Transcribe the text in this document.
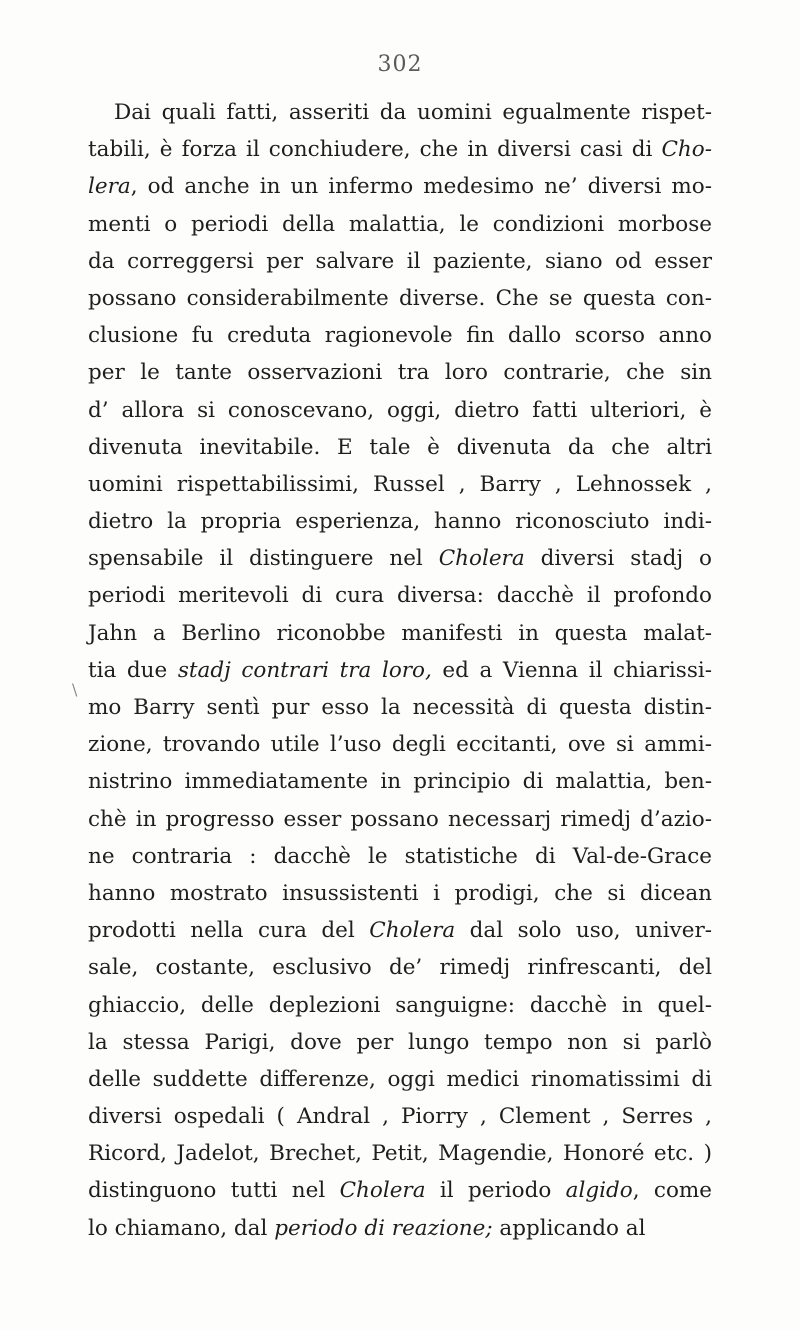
302
\
Dai quali fatti, asseriti da uomini egualmente rispet-
tabili, è forza il conchiudere, che in diversi casi di Cho-
lera, od anche in un infermo medesimo ne’ diversi mo-
menti o periodi della malattia, le condizioni morbose
da correggersi per salvare il paziente, siano od esser
possano considerabilmente diverse. Che se questa con-
clusione fu creduta ragionevole fin dallo scorso anno
per le tante osservazioni tra loro contrarie, che sin
d’ allora si conoscevano, oggi, dietro fatti ulteriori, è
divenuta inevitabile. E tale è divenuta da che altri
uomini rispettabilissimi, Russel , Barry , Lehnossek ,
dietro la propria esperienza, hanno riconosciuto indi-
spensabile il distinguere nel Cholera diversi stadj o
periodi meritevoli di cura diversa: dacchè il profondo
Jahn a Berlino riconobbe manifesti in questa malat-
tia due stadj contrari tra loro, ed a Vienna il chiarissi-
mo Barry sentì pur esso la necessità di questa distin-
zione, trovando utile l’uso degli eccitanti, ove si ammi-
nistrino immediatamente in principio di malattia, ben-
chè in progresso esser possano necessarj rimedj d’azio-
ne contraria : dacchè le statistiche di Val-de-Grace
hanno mostrato insussistenti i prodigi, che si dicean
prodotti nella cura del Cholera dal solo uso, univer-
sale, costante, esclusivo de’ rimedj rinfrescanti, del
ghiaccio, delle deplezioni sanguigne: dacchè in quel-
la stessa Parigi, dove per lungo tempo non si parlò
delle suddette differenze, oggi medici rinomatissimi di
diversi ospedali ( Andral , Piorry , Clement , Serres ,
Ricord, Jadelot, Brechet, Petit, Magendie, Honoré etc. )
distinguono tutti nel Cholera il periodo algido, come
lo chiamano, dal periodo di reazione; applicando al
